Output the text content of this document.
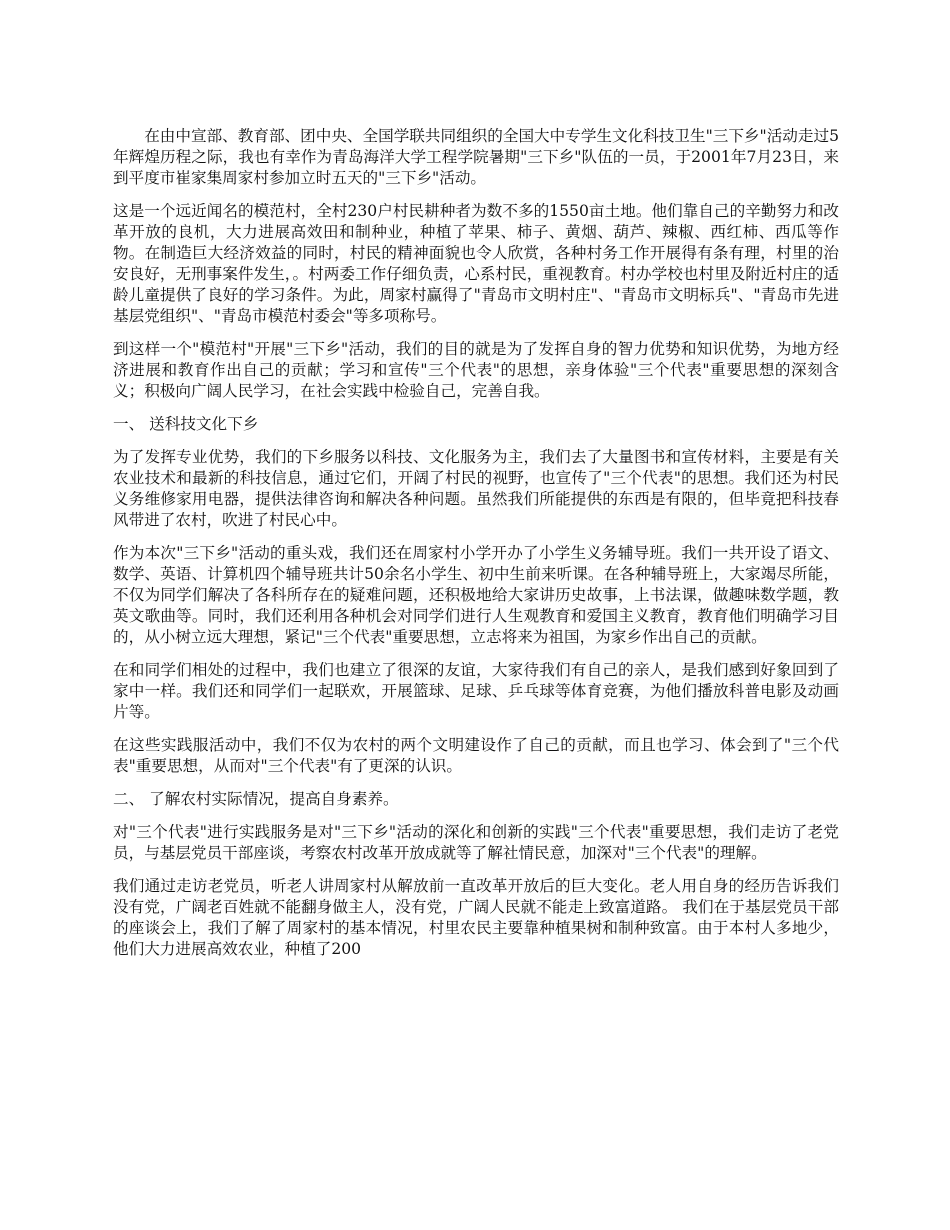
在由中宣部、教育部、团中央、全国学联共同组织的全国大中专学生文化科技卫生"三下乡"活动走过5年辉煌历程之际，我也有幸作为青岛海洋大学工程学院暑期"三下乡"队伍的一员，于2001年7月23日，来到平度市崔家集周家村参加立时五天的"三下乡"活动。

这是一个远近闻名的模范村，全村230户村民耕种者为数不多的1550亩土地。他们靠自己的辛勤努力和改革开放的良机，大力进展高效田和制种业，种植了苹果、柿子、黄烟、葫芦、辣椒、西红柿、西瓜等作物。在制造巨大经济效益的同时，村民的精神面貌也令人欣赏，各种村务工作开展得有条有理，村里的治安良好，无刑事案件发生，。村两委工作仔细负责，心系村民，重视教育。村办学校也村里及附近村庄的适龄儿童提供了良好的学习条件。为此，周家村赢得了"青岛市文明村庄"、"青岛市文明标兵"、"青岛市先进基层党组织"、"青岛市模范村委会"等多项称号。

到这样一个"模范村"开展"三下乡"活动，我们的目的就是为了发挥自身的智力优势和知识优势，为地方经济进展和教育作出自己的贡献；学习和宣传"三个代表"的思想，亲身体验"三个代表"重要思想的深刻含义；积极向广阔人民学习，在社会实践中检验自己，完善自我。

一、 送科技文化下乡

为了发挥专业优势，我们的下乡服务以科技、文化服务为主，我们去了大量图书和宣传材料，主要是有关农业技术和最新的科技信息，通过它们，开阔了村民的视野，也宣传了"三个代表"的思想。我们还为村民义务维修家用电器，提供法律咨询和解决各种问题。虽然我们所能提供的东西是有限的，但毕竟把科技春风带进了农村，吹进了村民心中。

作为本次"三下乡"活动的重头戏，我们还在周家村小学开办了小学生义务辅导班。我们一共开设了语文、数学、英语、计算机四个辅导班共计50余名小学生、初中生前来听课。在各种辅导班上，大家竭尽所能，不仅为同学们解决了各科所存在的疑难问题，还积极地给大家讲历史故事，上书法课，做趣味数学题，教英文歌曲等。同时，我们还利用各种机会对同学们进行人生观教育和爱国主义教育，教育他们明确学习目的，从小树立远大理想，紧记"三个代表"重要思想，立志将来为祖国，为家乡作出自己的贡献。

在和同学们相处的过程中，我们也建立了很深的友谊，大家待我们有自己的亲人，是我们感到好象回到了家中一样。我们还和同学们一起联欢，开展篮球、足球、乒乓球等体育竞赛，为他们播放科普电影及动画片等。

在这些实践服活动中，我们不仅为农村的两个文明建设作了自己的贡献，而且也学习、体会到了"三个代表"重要思想，从而对"三个代表"有了更深的认识。

二、 了解农村实际情况，提高自身素养。

对"三个代表"进行实践服务是对"三下乡"活动的深化和创新的实践"三个代表"重要思想，我们走访了老党员，与基层党员干部座谈，考察农村改革开放成就等了解社情民意，加深对"三个代表"的理解。

我们通过走访老党员，听老人讲周家村从解放前一直改革开放后的巨大变化。老人用自身的经历告诉我们没有党，广阔老百姓就不能翻身做主人，没有党，广阔人民就不能走上致富道路。 我们在于基层党员干部的座谈会上，我们了解了周家村的基本情况，村里农民主要靠种植果树和制种致富。由于本村人多地少，他们大力进展高效农业，种植了200
